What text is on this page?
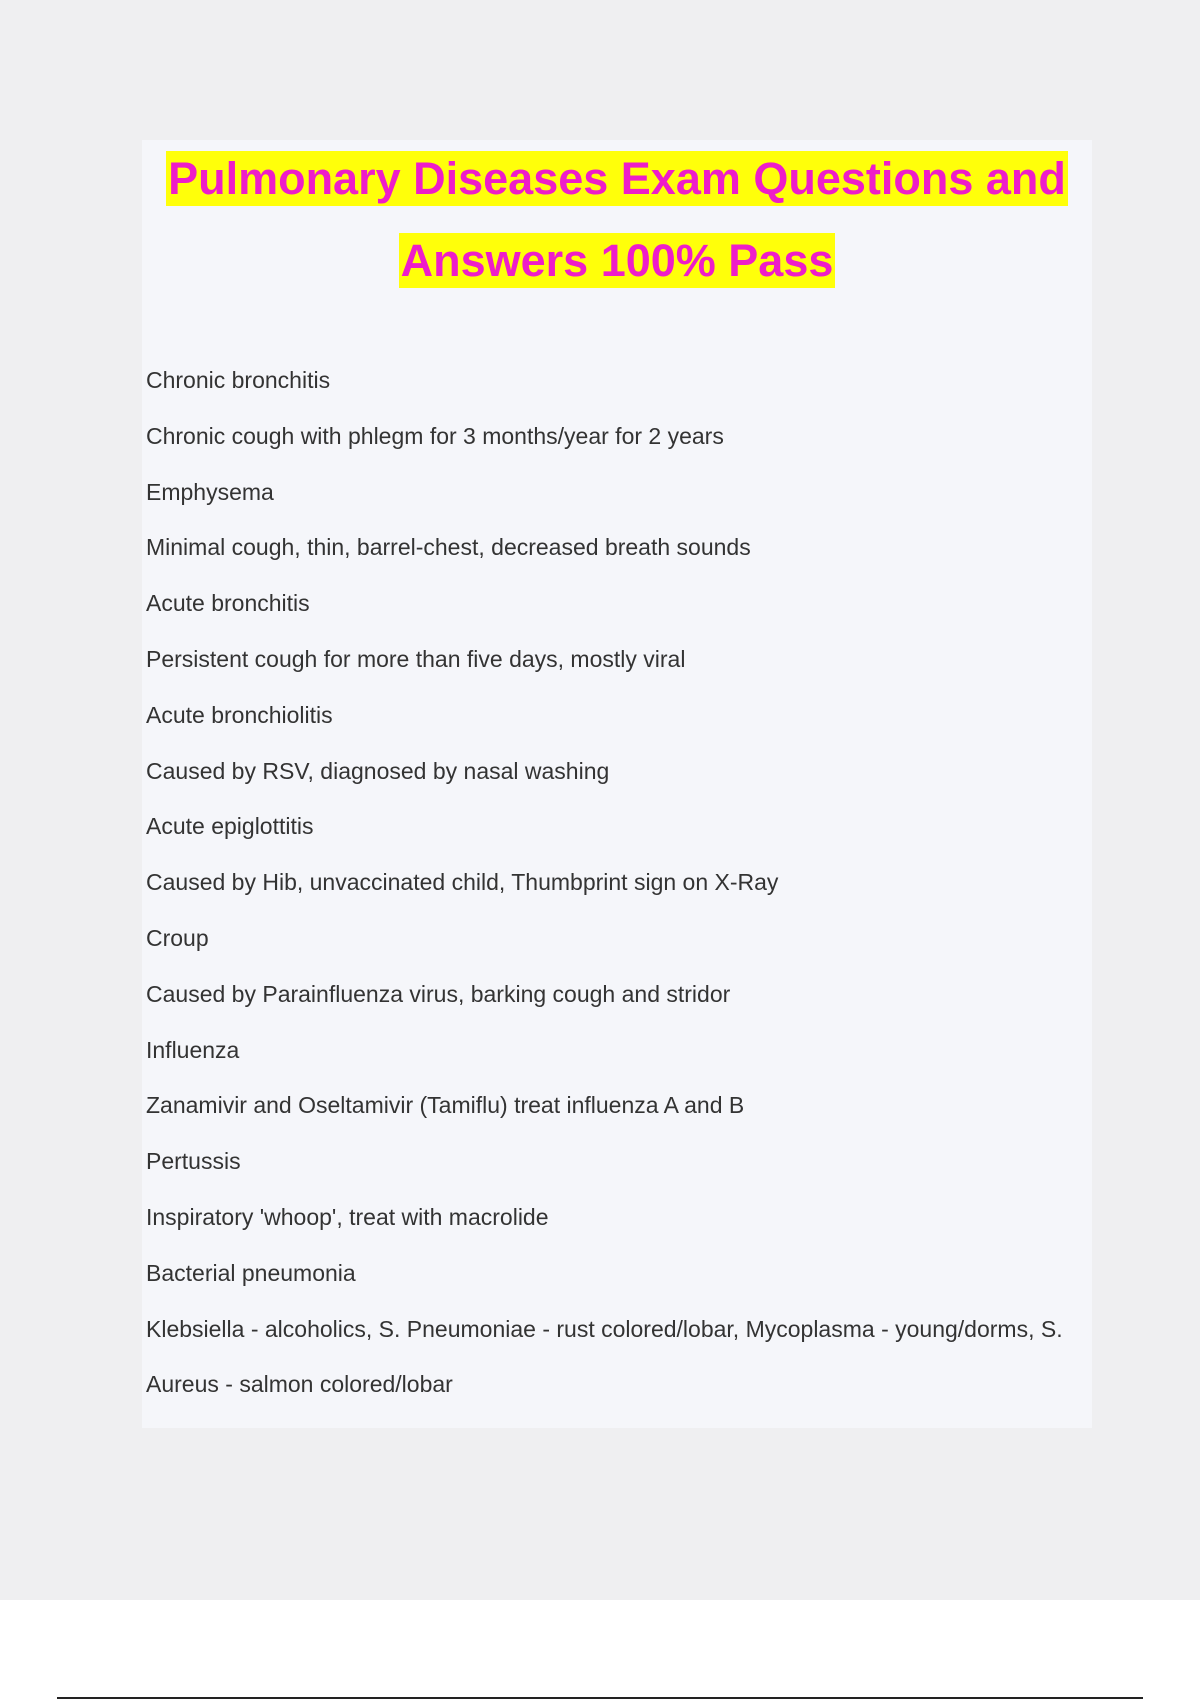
Pulmonary Diseases Exam Questions and Answers 100% Pass
Chronic bronchitis
Chronic cough with phlegm for 3 months/year for 2 years
Emphysema
Minimal cough, thin, barrel-chest, decreased breath sounds
Acute bronchitis
Persistent cough for more than five days, mostly viral
Acute bronchiolitis
Caused by RSV, diagnosed by nasal washing
Acute epiglottitis
Caused by Hib, unvaccinated child, Thumbprint sign on X-Ray
Croup
Caused by Parainfluenza virus, barking cough and stridor
Influenza
Zanamivir and Oseltamivir (Tamiflu) treat influenza A and B
Pertussis
Inspiratory 'whoop', treat with macrolide
Bacterial pneumonia
Klebsiella - alcoholics, S. Pneumoniae - rust colored/lobar, Mycoplasma - young/dorms, S. Aureus - salmon colored/lobar
